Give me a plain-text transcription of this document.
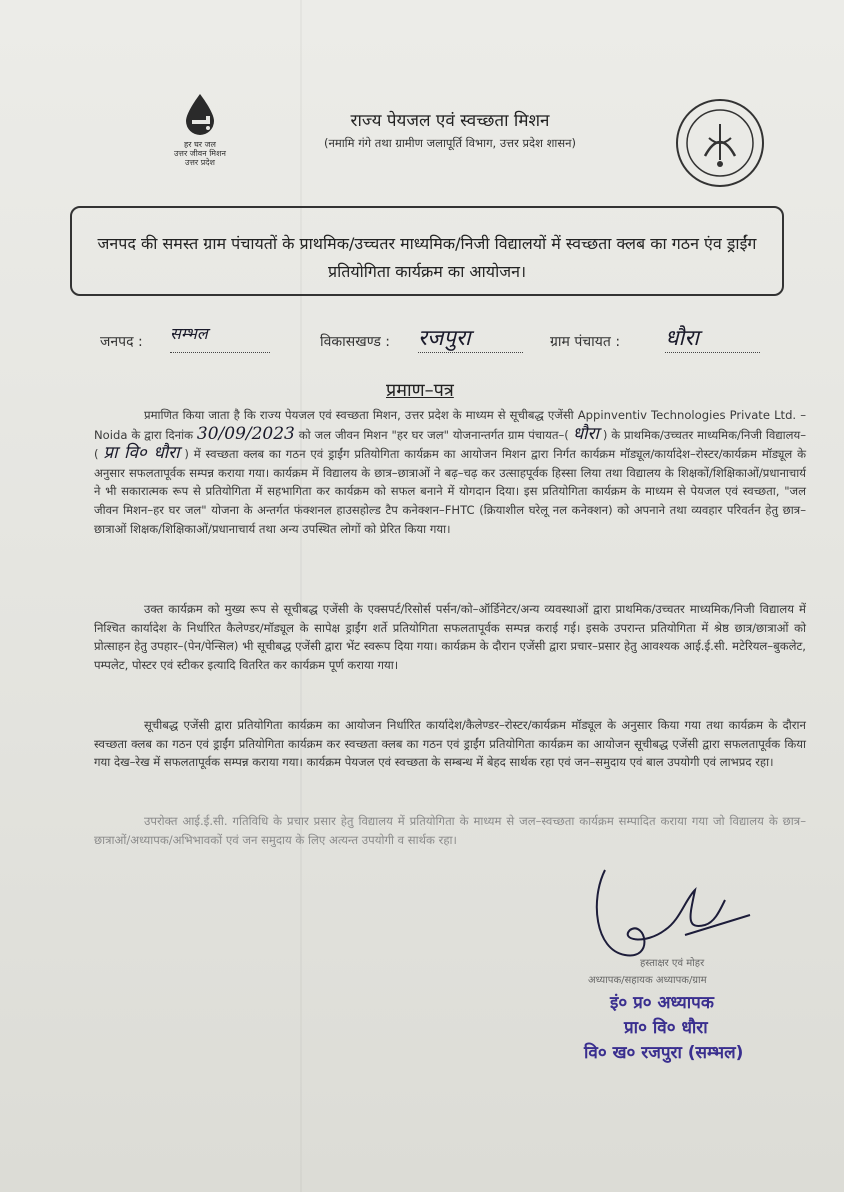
हर घर जल
उत्तर जीवन मिशन
उत्तर प्रदेश
राज्य पेयजल एवं स्वच्छता मिशन
(नमामि गंगे तथा ग्रामीण जलापूर्ति विभाग, उत्तर प्रदेश शासन)
जनपद की समस्त ग्राम पंचायतों के प्राथमिक/उच्चतर माध्यमिक/निजी विद्यालयों में स्वच्छता क्लब का गठन एंव ड्राईंग प्रतियोगिता कार्यक्रम का आयोजन।
जनपद : सम्भल	विकासखण्ड : रजपुरा	ग्राम पंचायत : धौरा
प्रमाण–पत्र
प्रमाणित किया जाता है कि राज्य पेयजल एवं स्वच्छता मिशन, उत्तर प्रदेश के माध्यम से सूचीबद्ध एजेंसी Appinventiv Technologies Private Ltd. – Noida के द्वारा दिनांक 30/09/2023 को जल जीवन मिशन "हर घर जल" योजनान्तर्गत ग्राम पंचायत–( धौरा ) के प्राथमिक/उच्चतर माध्यमिक/निजी विद्यालय–( प्रा वि० धौरा ) में स्वच्छता क्लब का गठन एवं ड्राईंग प्रतियोगिता कार्यक्रम का आयोजन मिशन द्वारा निर्गत कार्यक्रम मॉड्यूल/कार्यादेश–रोस्टर/कार्यक्रम मॉड्यूल के अनुसार सफलतापूर्वक सम्पन्न कराया गया। कार्यक्रम में विद्यालय के छात्र–छात्राओं ने बढ़–चढ़ कर उत्साहपूर्वक हिस्सा लिया तथा विद्यालय के शिक्षकों/शिक्षिकाओं/प्रधानाचार्य ने भी सकारात्मक रूप से प्रतियोगिता में सहभागिता कर कार्यक्रम को सफल बनाने में योगदान दिया। इस प्रतियोगिता कार्यक्रम के माध्यम से पेयजल एवं स्वच्छता, "जल जीवन मिशन–हर घर जल" योजना के अन्तर्गत फंक्शनल हाउसहोल्ड टैप कनेक्शन–FHTC (क्रियाशील घरेलू नल कनेक्शन) को अपनाने तथा व्यवहार परिवर्तन हेतु छात्र–छात्राओं शिक्षक/शिक्षिकाओं/प्रधानाचार्य तथा अन्य उपस्थित लोगों को प्रेरित किया गया।
उक्त कार्यक्रम को मुख्य रूप से सूचीबद्ध एजेंसी के एक्सपर्ट/रिसोर्स पर्सन/को–ऑर्डिनेटर/अन्य व्यवस्थाओं द्वारा प्राथमिक/उच्चतर माध्यमिक/निजी विद्यालय में निश्चित कार्यादेश के निर्धारित कैलेण्डर/मॉड्यूल के सापेक्ष ड्राईंग शर्ते प्रतियोगिता सफलतापूर्वक सम्पन्न कराई गई। इसके उपरान्त प्रतियोगिता में श्रेष्ठ छात्र/छात्राओं को प्रोत्साहन हेतु उपहार–(पेन/पेन्सिल) भी सूचीबद्ध एजेंसी द्वारा भेंट स्वरूप दिया गया। कार्यक्रम के दौरान एजेंसी द्वारा प्रचार–प्रसार हेतु आवश्यक आई.ई.सी. मटेरियल–बुकलेट, पम्पलेट, पोस्टर एवं स्टीकर इत्यादि वितरित कर कार्यक्रम पूर्ण कराया गया।
सूचीबद्ध एजेंसी द्वारा प्रतियोगिता कार्यक्रम का आयोजन निर्धारित कार्यादेश/कैलेण्डर–रोस्टर/कार्यक्रम मॉड्यूल के अनुसार किया गया तथा कार्यक्रम के दौरान स्वच्छता क्लब का गठन एवं ड्राईंग प्रतियोगिता कार्यक्रम कर स्वच्छता क्लब का गठन एवं ड्राईंग प्रतियोगिता कार्यक्रम का आयोजन सूचीबद्ध एजेंसी द्वारा सफलतापूर्वक किया गया देख–रेख में सफलतापूर्वक सम्पन्न कराया गया। कार्यक्रम पेयजल एवं स्वच्छता के सम्बन्ध में बेहद सार्थक रहा एवं जन–समुदाय एवं बाल उपयोगी एवं लाभप्रद रहा।
उपरोक्त आई.ई.सी. गतिविधि के प्रचार प्रसार हेतु विद्यालय में प्रतियोगिता के माध्यम से जल–स्वच्छता कार्यक्रम सम्पादित कराया गया जो विद्यालय के छात्र–छात्राओं/अध्यापक/अभिभावकों एवं जन समुदाय के लिए अत्यन्त उपयोगी व सार्थक रहा।
हस्ताक्षर एवं मोहर
अध्यापक/सहायक अध्यापक/ग्राम
इं० प्र० अध्यापक
प्रा० वि० धौरा
वि० ख० रजपुरा (सम्भल)
